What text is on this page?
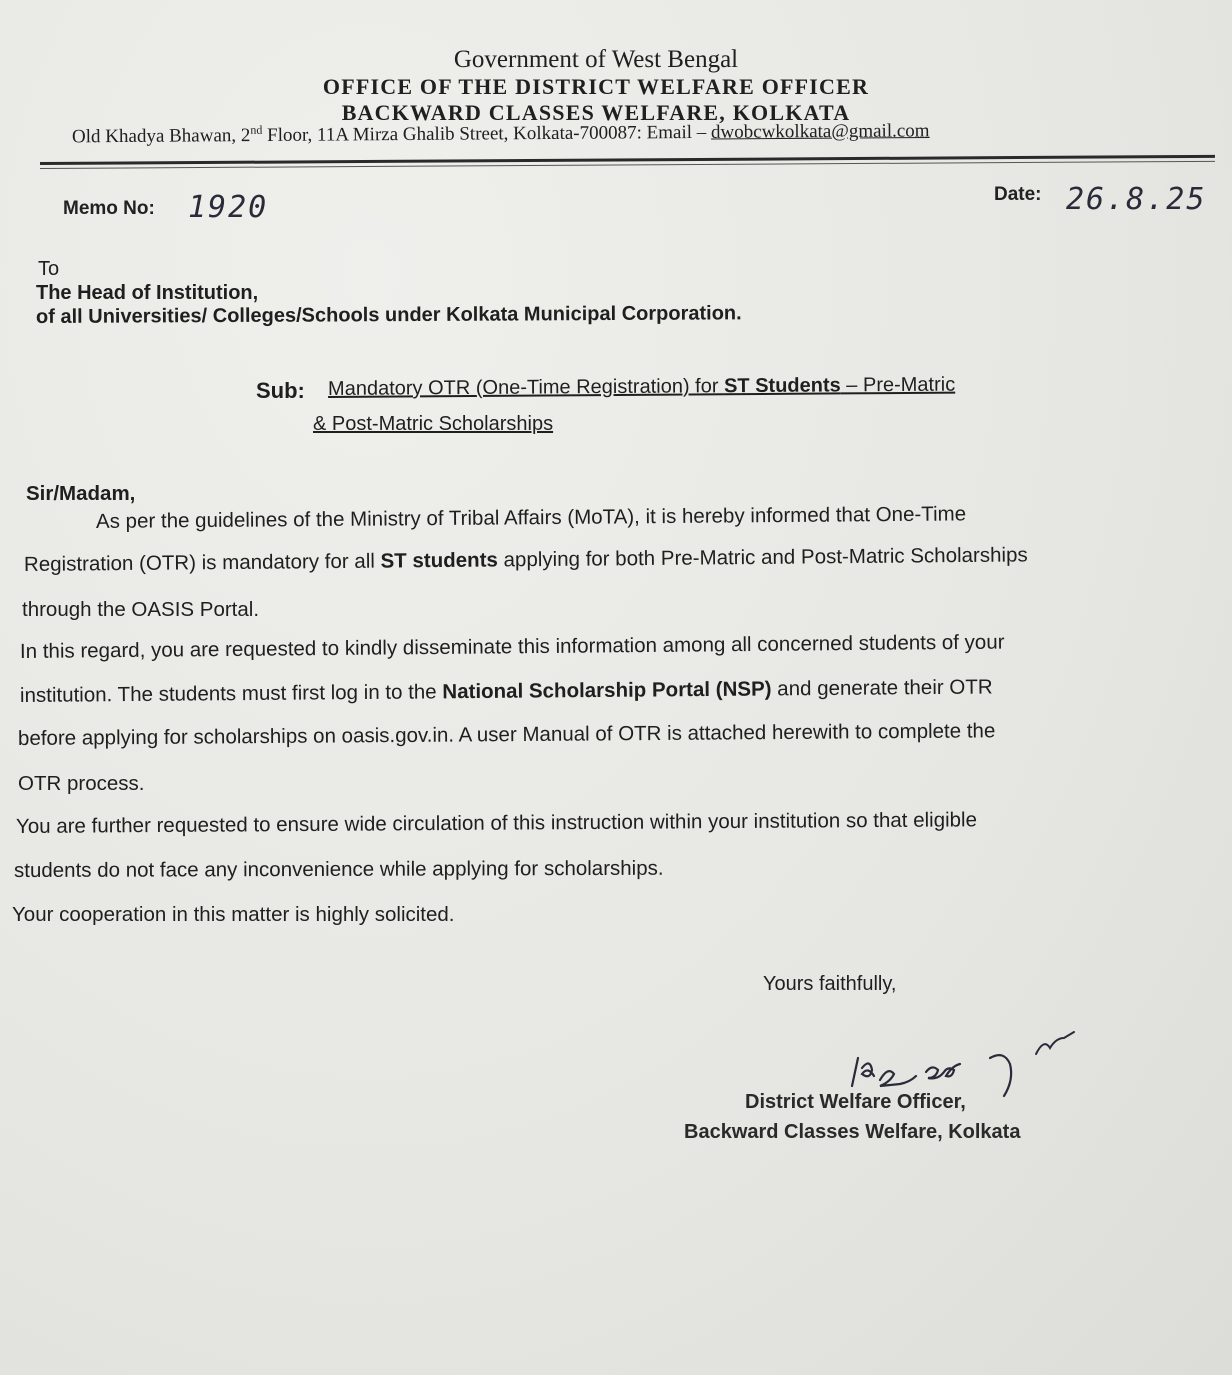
Government of West Bengal
OFFICE OF THE DISTRICT WELFARE OFFICER
BACKWARD CLASSES WELFARE, KOLKATA
Old Khadya Bhawan, 2nd Floor, 11A Mirza Ghalib Street, Kolkata-700087: Email – dwobcwkolkata@gmail.com
Memo No: 1920	Date: 26.8.25
To
The Head of Institution,
of all Universities/ Colleges/Schools under Kolkata Municipal Corporation.
Sub: Mandatory OTR (One-Time Registration) for ST Students – Pre-Matric
& Post-Matric Scholarships
Sir/Madam,
As per the guidelines of the Ministry of Tribal Affairs (MoTA), it is hereby informed that One-Time
Registration (OTR) is mandatory for all ST students applying for both Pre-Matric and Post-Matric Scholarships
through the OASIS Portal.
In this regard, you are requested to kindly disseminate this information among all concerned students of your
institution. The students must first log in to the National Scholarship Portal (NSP) and generate their OTR
before applying for scholarships on oasis.gov.in. A user Manual of OTR is attached herewith to complete the
OTR process.
You are further requested to ensure wide circulation of this instruction within your institution so that eligible
students do not face any inconvenience while applying for scholarships.
Your cooperation in this matter is highly solicited.
Yours faithfully,
District Welfare Officer,
Backward Classes Welfare, Kolkata
